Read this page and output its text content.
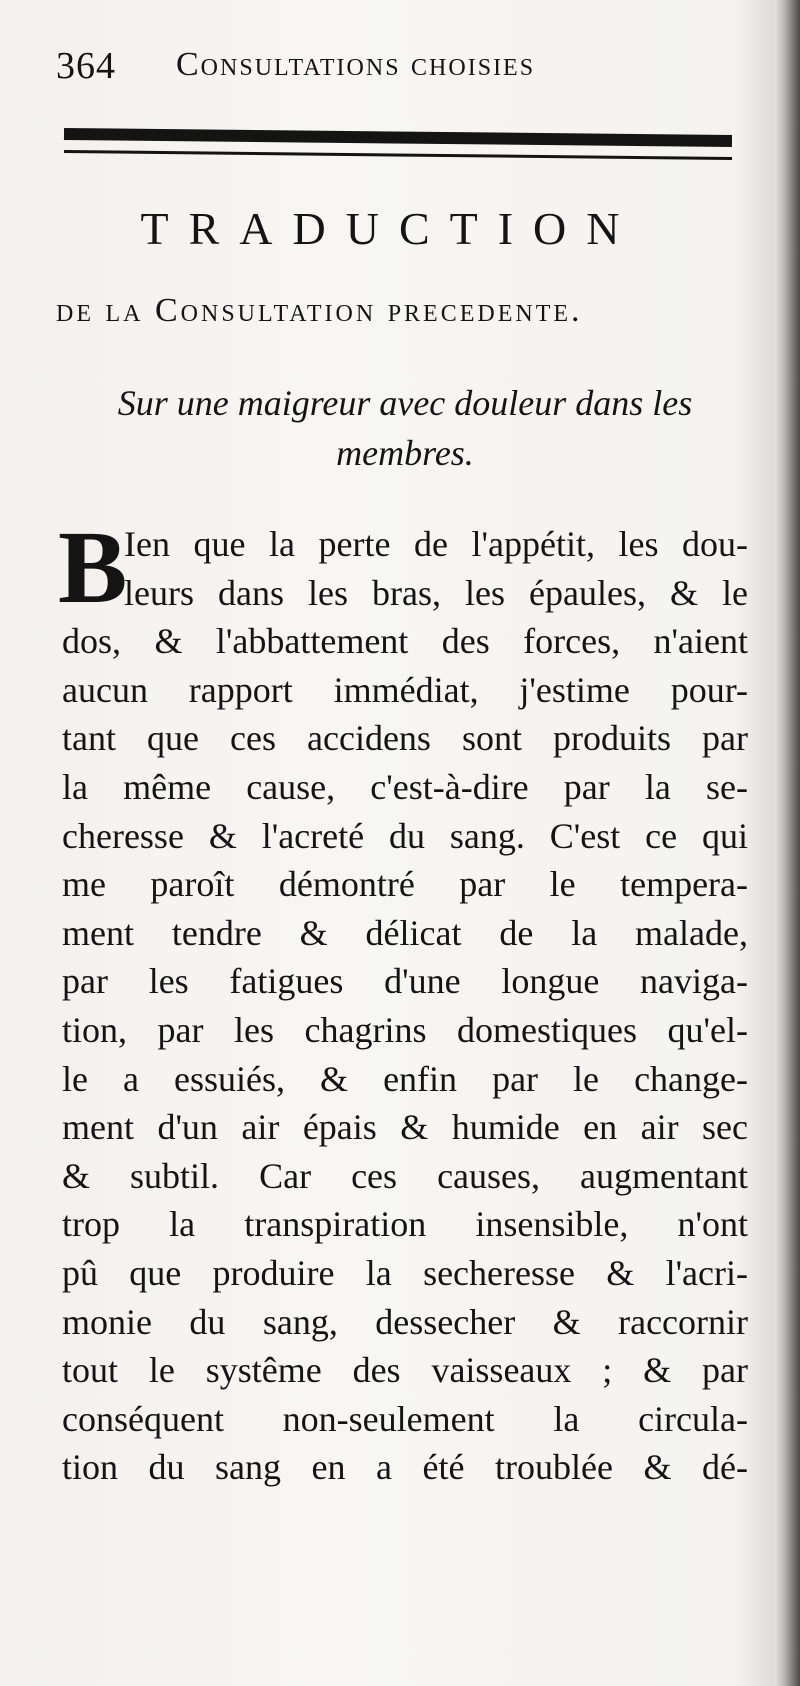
364 Consultations choisies
TRADUCTION
de la Consultation precedente.
Sur une maigreur avec douleur dans les
membres.
B
Ien que la perte de l'appétit, les dou-
leurs dans les bras, les épaules, & le
dos, & l'abbattement des forces, n'aient
aucun rapport immédiat, j'estime pour-
tant que ces accidens sont produits par
la même cause, c'est-à-dire par la se-
cheresse & l'acreté du sang. C'est ce qui
me paroît démontré par le tempera-
ment tendre & délicat de la malade,
par les fatigues d'une longue naviga-
tion, par les chagrins domestiques qu'el-
le a essuiés, & enfin par le change-
ment d'un air épais & humide en air sec
& subtil. Car ces causes, augmentant
trop la transpiration insensible, n'ont
pû que produire la secheresse & l'acri-
monie du sang, dessecher & raccornir
tout le systême des vaisseaux ; & par
conséquent non-seulement la circula-
tion du sang en a été troublée & dé-
